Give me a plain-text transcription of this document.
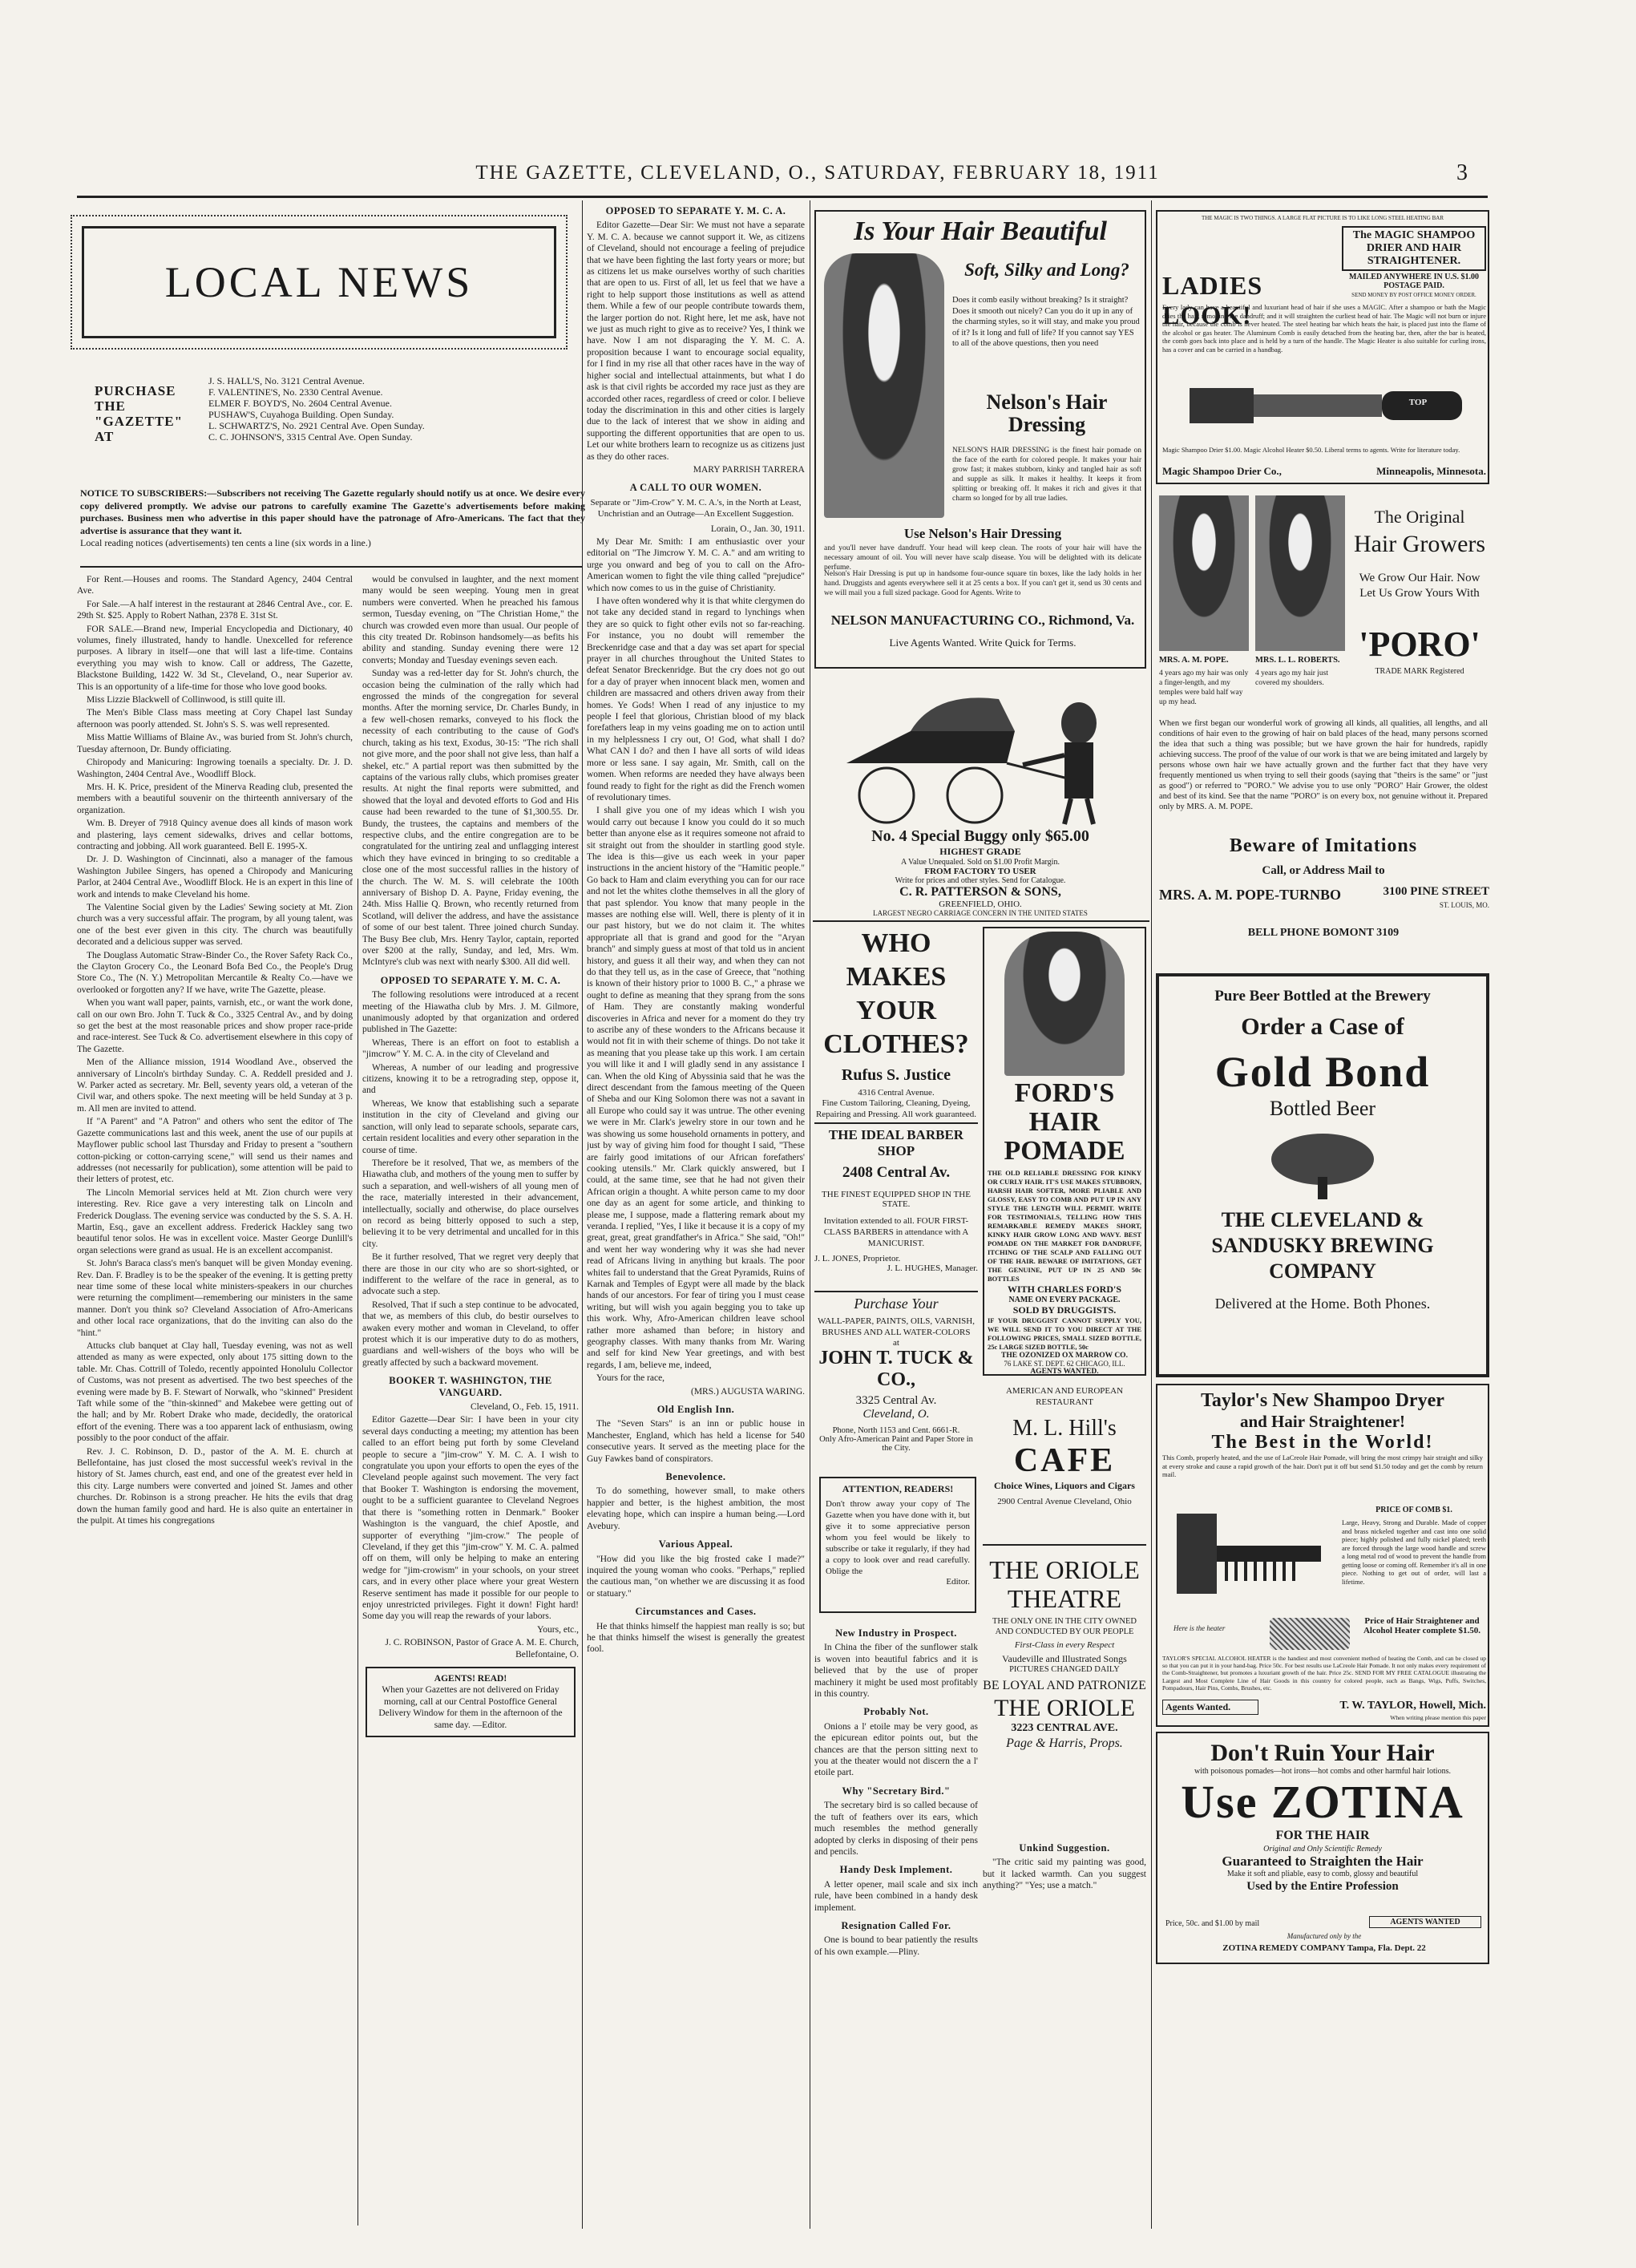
THE GAZETTE, CLEVELAND, O., SATURDAY, FEBRUARY 18, 1911	3
LOCAL NEWS
PURCHASE THE "GAZETTE" AT
J. S. HALL'S, No. 3121 Central Avenue.
F. VALENTINE'S, No. 2330 Central Avenue.
ELMER F. BOYD'S, No. 2604 Central Avenue.
PUSHAW'S, Cuyahoga Building. Open Sunday.
L. SCHWARTZ'S, No. 2921 Central Ave. Open Sunday.
C. C. JOHNSON'S, 3315 Central Ave. Open Sunday.
NOTICE TO SUBSCRIBERS:—Subscribers not receiving The Gazette regularly should notify us at once. We desire every copy delivered promptly. We advise our patrons to carefully examine The Gazette's advertisements before making purchases. Business men who advertise in this paper should have the patronage of Afro-Americans. The fact that they advertise is assurance that they want it.
Local reading notices (advertisements) ten cents a line (six words in a line.)

For Rent.—Houses and rooms. The Standard Agency, 2404 Central Ave.

For Sale.—A half interest in the restaurant at 2846 Central Ave., cor. E. 29th St. $25. Apply to Robert Nathan, 2378 E. 31st St.

FOR SALE.—Brand new, Imperial Encyclopedia and Dictionary, 40 volumes, finely illustrated, handy to handle. Unexcelled for reference purposes. A library in itself—one that will last a life-time. Contains everything you may wish to know. Call or address, The Gazette, Blackstone Building, 1422 W. 3d St., Cleveland, O., near Superior av. This is an opportunity of a life-time for those who love good books.

Miss Lizzie Blackwell of Collinwood, is still quite ill.

The Men's Bible Class mass meeting at Cory Chapel last Sunday afternoon was poorly attended. St. John's S. S. was well represented.

Miss Mattie Williams of Blaine Av., was buried from St. John's church, Tuesday afternoon, Dr. Bundy officiating.

Chiropody and Manicuring: Ingrowing toenails a specialty. Dr. J. D. Washington, 2404 Central Ave., Woodliff Block.

Mrs. H. K. Price, president of the Minerva Reading club, presented the members with a beautiful souvenir on the thirteenth anniversary of the organization.

Wm. B. Dreyer of 7918 Quincy avenue does all kinds of mason work and plastering, lays cement sidewalks, drives and cellar bottoms, contracting and jobbing. All work guaranteed. Bell E. 1995-X.

Dr. J. D. Washington of Cincinnati, also a manager of the famous Washington Jubilee Singers, has opened a Chiropody and Manicuring Parlor, at 2404 Central Ave., Woodliff Block. He is an expert in this line of work and intends to make Cleveland his home.

The Valentine Social given by the Ladies' Sewing society at Mt. Zion church was a very successful affair. The program, by all young talent, was one of the best ever given in this city. The church was beautifully decorated and a delicious supper was served.

The Douglass Automatic Straw-Binder Co., the Rover Safety Rack Co., the Clayton Grocery Co., the Leonard Bofa Bed Co., the People's Drug Store Co., The (N. Y.) Metropolitan Mercantile & Realty Co.—have we overlooked or forgotten any? If we have, write The Gazette, please.

When you want wall paper, paints, varnish, etc., or want the work done, call on our own Bro. John T. Tuck & Co., 3325 Central Av., and by doing so get the best at the most reasonable prices and show proper race-pride and race-interest. See Tuck & Co. advertisement elsewhere in this copy of The Gazette.

Men of the Alliance mission, 1914 Woodland Ave., observed the anniversary of Lincoln's birthday Sunday. C. A. Reddell presided and J. W. Parker acted as secretary. Mr. Bell, seventy years old, a veteran of the Civil war, and others spoke. The next meeting will be held Sunday at 3 p. m. All men are invited to attend.

If "A Parent" and "A Patron" and others who sent the editor of The Gazette communications last and this week, anent the use of our pupils at Mayflower public school last Thursday and Friday to present a "southern cotton-picking or cotton-carrying scene," will send us their names and addresses (not necessarily for publication), some attention will be paid to their letters of protest, etc.

The Lincoln Memorial services held at Mt. Zion church were very interesting. Rev. Rice gave a very interesting talk on Lincoln and Frederick Douglass. The evening service was conducted by the S. S. A. H. Martin, Esq., gave an excellent address. Frederick Hackley sang two beautiful tenor solos. He was in excellent voice. Master George Dunlill's organ selections were grand as usual. He is an excellent accompanist.

St. John's Baraca class's men's banquet will be given Monday evening. Rev. Dan. F. Bradley is to be the speaker of the evening. It is getting pretty near time some of these local white ministers-speakers in our churches were returning the compliment—remembering our ministers in the same manner. Don't you think so? Cleveland Association of Afro-Americans and other local race organizations, that do the inviting can also do the "hint."

Attucks club banquet at Clay hall, Tuesday evening, was not as well attended as many as were expected, only about 175 sitting down to the table. Mr. Chas. Cottrill of Toledo, recently appointed Honolulu Collector of Customs, was not present as advertised. The two best speeches of the evening were made by B. F. Stewart of Norwalk, who "skinned" President Taft while some of the "thin-skinned" and Makebee were getting out of the hall; and by Mr. Robert Drake who made, decidedly, the oratorical effort of the evening. There was a too apparent lack of enthusiasm, owing possibly to the poor conduct of the affair.

Rev. J. C. Robinson, D. D., pastor of the A. M. E. church at Bellefontaine, has just closed the most successful week's revival in the history of St. James church, east end, and one of the greatest ever held in this city. Large numbers were converted and joined St. James and other churches. Dr. Robinson is a strong preacher. He hits the evils that drag down the human family good and hard. He is also quite an entertainer in the pulpit. At times his congregations

would be convulsed in laughter, and the next moment many would be seen weeping. Young men in great numbers were converted. When he preached his famous sermon, Tuesday evening, on "The Christian Home," the church was crowded even more than usual. Our people of this city treated Dr. Robinson handsomely—as befits his ability and standing. Sunday evening there were 12 converts; Monday and Tuesday evenings seven each.

Sunday was a red-letter day for St. John's church, the occasion being the culmination of the rally which had engrossed the minds of the congregation for several months. After the morning service, Dr. Charles Bundy, in a few well-chosen remarks, conveyed to his flock the necessity of each contributing to the cause of God's church, taking as his text, Exodus, 30-15: "The rich shall not give more, and the poor shall not give less, than half a shekel, etc." A partial report was then submitted by the captains of the various rally clubs, which promises greater results. At night the final reports were submitted, and showed that the loyal and devoted efforts to God and His cause had been rewarded to the tune of $1,300.55. Dr. Bundy, the trustees, the captains and members of the respective clubs, and the entire congregation are to be congratulated for the untiring zeal and unflagging interest which they have evinced in bringing to so creditable a close one of the most successful rallies in the history of the church. The W. M. S. will celebrate the 100th anniversary of Bishop D. A. Payne, Friday evening, the 24th. Miss Hallie Q. Brown, who recently returned from Scotland, will deliver the address, and have the assistance of some of our best talent. Three joined church Sunday. The Busy Bee club, Mrs. Henry Taylor, captain, reported over $200 at the rally, Sunday, and led, Mrs. Wm. McIntyre's club was next with nearly $300. All did well.

OPPOSED TO SEPARATE Y. M. C. A.

The following resolutions were introduced at a recent meeting of the Hiawatha club by Mrs. J. M. Gilmore, unanimously adopted by that organization and ordered published in The Gazette:

Whereas, There is an effort on foot to establish a "jimcrow" Y. M. C. A. in the city of Cleveland and

Whereas, A number of our leading and progressive citizens, knowing it to be a retrograding step, oppose it, and

Whereas, We know that establishing such a separate institution in the city of Cleveland and giving our sanction, will only lead to separate schools, separate cars, certain resident localities and every other separation in the course of time.

Therefore be it resolved, That we, as members of the Hiawatha club, and mothers of the young men to suffer by such a separation, and well-wishers of all young men of the race, materially interested in their advancement, intellectually, socially and otherwise, do place ourselves on record as being bitterly opposed to such a step, believing it to be very detrimental and uncalled for in this city.

Be it further resolved, That we regret very deeply that there are those in our city who are so short-sighted, or indifferent to the welfare of the race in general, as to advocate such a step.

Resolved, That if such a step continue to be advocated, that we, as members of this club, do bestir ourselves to awaken every mother and woman in Cleveland, to offer protest which it is our imperative duty to do as mothers, guardians and well-wishers of the boys who will be greatly affected by such a backward movement.

BOOKER T. WASHINGTON, THE VANGUARD.

Cleveland, O., Feb. 15, 1911.

Editor Gazette—Dear Sir: I have been in your city several days conducting a meeting; my attention has been called to an effort being put forth by some Cleveland people to secure a "jim-crow" Y. M. C. A. I wish to congratulate you upon your efforts to open the eyes of the Cleveland people against such movement. The very fact that Booker T. Washington is endorsing the movement, ought to be a sufficient guarantee to Cleveland Negroes that there is "something rotten in Denmark." Booker Washington is the vanguard, the chief Apostle, and supporter of everything "jim-crow." The people of Cleveland, if they get this "jim-crow" Y. M. C. A. palmed off on them, will only be helping to make an entering wedge for "jim-crowism" in your schools, on your street cars, and in every other place where your great Western Reserve sentiment has made it possible for our people to enjoy unrestricted privileges. Fight it down! Fight hard! Some day you will reap the rewards of your labors.

Yours, etc.,

J. C. ROBINSON, Pastor of Grace A. M. E. Church, Bellefontaine, O.

AGENTS! READ!
When your Gazettes are not delivered on Friday morning, call at our Central Postoffice General Delivery Window for them in the afternoon of the same day. —Editor.

OPPOSED TO SEPARATE Y. M. C. A.

Editor Gazette—Dear Sir: We must not have a separate Y. M. C. A. because we cannot support it. We, as citizens of Cleveland, should not encourage a feeling of prejudice that we have been fighting the last forty years or more; but as citizens let us make ourselves worthy of such charities that are open to us. First of all, let us feel that we have a right to help support those institutions as well as attend them. While a few of our people contribute towards them, the larger portion do not. Right here, let me ask, have not we just as much right to give as to receive? Yes, I think we have. Now I am not disparaging the Y. M. C. A. proposition because I want to encourage social equality, for I find in my rise all that other races have in the way of higher social and intellectual attainments, but what I do ask is that civil rights be accorded my race just as they are accorded other races, regardless of creed or color. I believe today the discrimination in this and other cities is largely due to the lack of interest that we show in aiding and supporting the different opportunities that are open to us. Let our white brothers learn to recognize us as citizens just as they do other races.

MARY PARRISH TARRERA

A CALL TO OUR WOMEN.

Separate or "Jim-Crow" Y. M. C. A.'s, in the North at Least, Unchristian and an Outrage—An Excellent Suggestion.

Lorain, O., Jan. 30, 1911.

My Dear Mr. Smith: I am enthusiastic over your editorial on "The Jimcrow Y. M. C. A." and am writing to urge you onward and beg of you to call on the Afro-American women to fight the vile thing called "prejudice" which now comes to us in the guise of Christianity.

I have often wondered why it is that white clergymen do not take any decided stand in regard to lynchings when they are so quick to fight other evils not so far-reaching. For instance, you no doubt will remember the Breckenridge case and that a day was set apart for special prayer in all churches throughout the United States to defeat Senator Breckenridge. But the cry does not go out for a day of prayer when innocent black men, women and children are massacred and others driven away from their homes. Ye Gods! When I read of any injustice to my people I feel that glorious, Christian blood of my black forefathers leap in my veins goading me on to action until in my helplessness I cry out, O! God, what shall I do? What CAN I do? and then I have all sorts of wild ideas more or less sane. I say again, Mr. Smith, call on the women. When reforms are needed they have always been found ready to fight for the right as did the French women of revolutionary times.

I shall give you one of my ideas which I wish you would carry out because I know you could do it so much better than anyone else as it requires someone not afraid to sit straight out from the shoulder in startling good style. The idea is this—give us each week in your paper instructions in the ancient history of the "Hamitic people." Go back to Ham and claim everything you can for our race and not let the whites clothe themselves in all the glory of that past splendor. You know that many people in the masses are nothing else will. Well, there is plenty of it in our past history, but we do not claim it. The whites appropriate all that is grand and good for the "Aryan branch" and simply guess at most of that told us in ancient history, and guess it all their way, and when they can not do that they tell us, as in the case of Greece, that "nothing is known of their history prior to 1000 B. C.," a phrase we ought to define as meaning that they sprang from the sons of Ham. They are constantly making wonderful discoveries in Africa and never for a moment do they try to ascribe any of these wonders to the Africans because it would not fit in with their scheme of things. Do not take it as meaning that you please take up this work. I am certain you will like it and I will gladly send in any assistance I can. When the old King of Abyssinia said that he was the direct descendant from the famous meeting of the Queen of Sheba and our King Solomon there was not a savant in all Europe who could say it was untrue. The other evening we were in Mr. Clark's jewelry store in our town and he was showing us some household ornaments in pottery, and just by way of giving him food for thought I said, "These are fairly good imitations of our African forefathers' cooking utensils." Mr. Clark quickly answered, but I could, at the same time, see that he had not given their African origin a thought. A white person came to my door one day as an agent for some article, and thinking to please me, I suppose, made a flattering remark about my veranda. I replied, "Yes, I like it because it is a copy of my great, great, great grandfather's in Africa." She said, "Oh!" and went her way wondering why it was she had never read of Africans living in anything but kraals. The poor whites fail to understand that the Great Pyramids, Ruins of Karnak and Temples of Egypt were all made by the black hands of our ancestors. For fear of tiring you I must cease writing, but will wish you again begging you to take up this work. Why, Afro-American children leave school rather more ashamed than before; in history and geography classes. With many thanks from Mr. Waring and self for kind New Year greetings, and with best regards, I am, believe me, indeed,

Yours for the race,

(MRS.) AUGUSTA WARING.

Old English Inn.

The "Seven Stars" is an inn or public house in Manchester, England, which has held a license for 540 consecutive years. It served as the meeting place for the Guy Fawkes band of conspirators.

Benevolence.

To do something, however small, to make others happier and better, is the highest ambition, the most elevating hope, which can inspire a human being.—Lord Avebury.

Various Appeal.

"How did you like the big frosted cake I made?" inquired the young woman who cooks. "Perhaps," replied the cautious man, "on whether we are discussing it as food or statuary."

Circumstances and Cases.

He that thinks himself the happiest man really is so; but he that thinks himself the wisest is generally the greatest fool.

Is Your Hair Beautiful
Soft, Silky and Long?
Does it comb easily without breaking? Is it straight? Does it smooth out nicely? Can you do it up in any of the charming styles, so it will stay, and make you proud of it? Is it long and full of life? If you cannot say YES to all of the above questions, then you need
Nelson's Hair Dressing
NELSON'S HAIR DRESSING is the finest hair pomade on the face of the earth for colored people. It makes your hair grow fast; it makes stubborn, kinky and tangled hair as soft and supple as silk. It makes it healthy. It keeps it from splitting or breaking off. It makes it rich and gives it that charm so longed for by all true ladies.
Use Nelson's Hair Dressing
and you'll never have dandruff. Your head will keep clean. The roots of your hair will have the necessary amount of oil. You will never have scalp disease. You will be delighted with its delicate perfume.
Nelson's Hair Dressing is put up in handsome four-ounce square tin boxes, like the lady holds in her hand. Druggists and agents everywhere sell it at 25 cents a box. If you can't get it, send us 30 cents and we will mail you a full sized package. Good for Agents. Write to
NELSON MANUFACTURING CO., Richmond, Va.
Live Agents Wanted. Write Quick for Terms.
No. 4 Special Buggy only $65.00
HIGHEST GRADE
A Value Unequaled. Sold on $1.00 Profit Margin.
FROM FACTORY TO USER
Write for prices and other styles. Send for Catalogue.
C. R. PATTERSON & SONS,
GREENFIELD, OHIO.
LARGEST NEGRO CARRIAGE CONCERN IN THE UNITED STATES
WHO MAKES YOUR CLOTHES?
Rufus S. Justice
4316 Central Avenue.
Fine Custom Tailoring, Cleaning, Dyeing, Repairing and Pressing. All work guaranteed.
THE IDEAL BARBER SHOP
2408 Central Av.
THE FINEST EQUIPPED SHOP IN THE STATE.
Invitation extended to all. FOUR FIRST-CLASS BARBERS in attendance with A MANICURIST.
J. L. JONES, Proprietor.
J. L. HUGHES, Manager.
Purchase Your
WALL-PAPER, PAINTS, OILS, VARNISH, BRUSHES AND ALL WATER-COLORS
at
JOHN T. TUCK & CO.,
3325 Central Av.
Cleveland, O.
Phone, North 1153 and Cent. 6661-R.
Only Afro-American Paint and Paper Store in the City.
ATTENTION, READERS!
Don't throw away your copy of The Gazette when you have done with it, but give it to some appreciative person whom you feel would be likely to subscribe or take it regularly, if they had a copy to look over and read carefully. Oblige the
Editor.

New Industry in Prospect.

In China the fiber of the sunflower stalk is woven into beautiful fabrics and it is believed that by the use of proper machinery it might be used most profitably in this country.

Probably Not.

Onions a l' etoile may be very good, as the epicurean editor points out, but the chances are that the person sitting next to you at the theater would not discern the a l' etoile part.

Why "Secretary Bird."

The secretary bird is so called because of the tuft of feathers over its ears, which much resembles the method generally adopted by clerks in disposing of their pens and pencils.

Handy Desk Implement.

A letter opener, mail scale and six inch rule, have been combined in a handy desk implement.

Resignation Called For.

One is bound to bear patiently the results of his own example.—Pliny.

FORD'S HAIR POMADE
THE OLD RELIABLE DRESSING FOR KINKY OR CURLY HAIR. IT'S USE MAKES STUBBORN, HARSH HAIR SOFTER, MORE PLIABLE AND GLOSSY, EASY TO COMB AND PUT UP IN ANY STYLE THE LENGTH WILL PERMIT. WRITE FOR TESTIMONIALS, TELLING HOW THIS REMARKABLE REMEDY MAKES SHORT, KINKY HAIR GROW LONG AND WAVY. BEST POMADE ON THE MARKET FOR DANDRUFF, ITCHING OF THE SCALP AND FALLING OUT OF THE HAIR. BEWARE OF IMITATIONS, GET THE GENUINE, PUT UP IN 25 AND 50c BOTTLES
WITH CHARLES FORD'S
NAME ON EVERY PACKAGE.
SOLD BY DRUGGISTS.
IF YOUR DRUGGIST CANNOT SUPPLY YOU, WE WILL SEND IT TO YOU DIRECT AT THE FOLLOWING PRICES, SMALL SIZED BOTTLE, 25c LARGE SIZED BOTTLE, 50c
THE OZONIZED OX MARROW CO.
76 LAKE ST. DEPT. 62 CHICAGO, ILL.
AGENTS WANTED.
AMERICAN AND EUROPEAN RESTAURANT
M. L. Hill's
CAFE
Choice Wines, Liquors and Cigars
2900 Central Avenue Cleveland, Ohio
THE ORIOLE THEATRE
THE ONLY ONE IN THE CITY OWNED AND CONDUCTED BY OUR PEOPLE
First-Class in every Respect
Vaudeville and Illustrated Songs
PICTURES CHANGED DAILY
BE LOYAL AND PATRONIZE
THE ORIOLE
3223 CENTRAL AVE.
Page & Harris, Props.

Unkind Suggestion.

"The critic said my painting was good, but it lacked warmth. Can you suggest anything?" "Yes; use a match."

THE MAGIC IS TWO THINGS. A LARGE FLAT PICTURE IS TO LIKE LONG STEEL HEATING BAR
The MAGIC SHAMPOO DRIER AND HAIR STRAIGHTENER.
MAILED ANYWHERE IN U.S. $1.00 POSTAGE PAID.
SEND MONEY BY POST OFFICE MONEY ORDER.
LADIES LOOK!
Every lady can have a beautiful and luxuriant head of hair if she uses a MAGIC. After a shampoo or bath the Magic dries the hair, removing the dandruff; and it will straighten the curliest head of hair. The Magic will not burn or injure the hair, because the comb is never heated. The steel heating bar which heats the hair, is placed just into the flame of the alcohol or gas heater. The Aluminum Comb is easily detached from the heating bar, then, after the bar is heated, the comb goes back into place and is held by a turn of the handle. The Magic Heater is also suitable for curling irons, has a cover and can be carried in a handbag.
TOP
Magic Shampoo Drier $1.00. Magic Alcohol Heater $0.50. Liberal terms to agents. Write for literature today.
Magic Shampoo Drier Co.,	Minneapolis, Minnesota.
The Original
Hair Growers
We Grow Our Hair. Now Let Us Grow Yours With
'PORO'
TRADE MARK Registered
MRS. A. M. POPE.	MRS. L. L. ROBERTS.
4 years ago my hair was only a finger-length, and my temples were bald half way up my head.
4 years ago my hair just covered my shoulders.
When we first began our wonderful work of growing all kinds, all qualities, all lengths, and all conditions of hair even to the growing of hair on bald places of the head, many persons scorned the idea that such a thing was possible; but we have grown the hair for hundreds, rapidly achieving success. The proof of the value of our work is that we are being imitated and largely by persons whose own hair we have actually grown and the further fact that they have very frequently mentioned us when trying to sell their goods (saying that "theirs is the same" or "just as good") or referred to "PORO." We advise you to use only "PORO" Hair Grower, the oldest and best of its kind. See that the name "PORO" is on every box, not genuine without it. Prepared only by MRS. A. M. POPE.
Beware of Imitations
Call, or Address Mail to
MRS. A. M. POPE-TURNBO	3100 PINE STREET
ST. LOUIS, MO.
BELL PHONE BOMONT 3109
Pure Beer Bottled at the Brewery
Order a Case of
Gold Bond
Bottled Beer
THE CLEVELAND & SANDUSKY BREWING COMPANY
Delivered at the Home. Both Phones.
Taylor's New Shampoo Dryer
and Hair Straightener!
The Best in the World!
This Comb, properly heated, and the use of LaCreole Hair Pomade, will bring the most crimpy hair straight and silky at every stroke and cause a rapid growth of the hair. Don't put it off but send $1.50 today and get the comb by return mail.
PRICE OF COMB $1.
Large, Heavy, Strong and Durable. Made of copper and brass nickeled together and cast into one solid piece; highly polished and fully nickel plated; teeth are forced through the large wood handle and screw a long metal rod of wood to prevent the handle from getting loose or coming off. Remember it's all in one piece. Nothing to get out of order, will last a lifetime.
Here is the heater
Price of Hair Straightener and Alcohol Heater complete $1.50.
TAYLOR'S SPECIAL ALCOHOL HEATER is the handiest and most convenient method of heating the Comb, and can be closed up so that you can put it in your hand-bag. Price 50c. For best results use LaCreole Hair Pomade. It not only makes every requirement of the Comb-Straightener, but promotes a luxuriant growth of the hair. Price 25c. SEND FOR MY FREE CATALOGUE illustrating the Largest and Most Complete Line of Hair Goods in this country for colored people, such as Bangs, Wigs, Puffs, Switches, Pompadours, Hair Pins, Combs, Brushes, etc.
Agents Wanted.	T. W. TAYLOR, Howell, Mich.
When writing please mention this paper
Don't Ruin Your Hair
with poisonous pomades—hot irons—hot combs and other harmful hair lotions.
Use ZOTINA
FOR THE HAIR
Original and Only Scientific Remedy
Guaranteed to Straighten the Hair
Make it soft and pliable, easy to comb, glossy and beautiful
Used by the Entire Profession
Price, 50c. and $1.00 by mail	AGENTS WANTED
Manufactured only by the
ZOTINA REMEDY COMPANY Tampa, Fla. Dept. 22
